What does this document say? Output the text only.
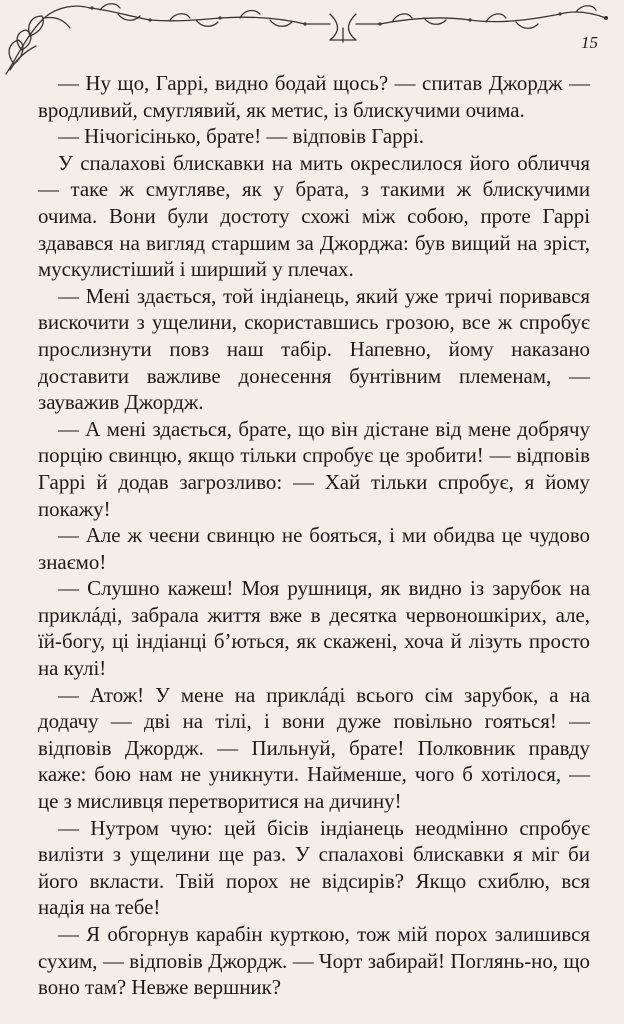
15

— Ну що, Гаррі, видно бодай щось? — спитав Джордж — вродливий, смуглявий, як метис, із блискучими очима.

— Нічогісінько, брате! — відповів Гаррі.

У спалахові блискавки на мить окреслилося його обличчя — таке ж смугляве, як у брата, з такими ж блискучими очима. Вони були достоту схожі між собою, проте Гаррі здавався на вигляд старшим за Джорджа: був вищий на зріст, мускулистіший і ширший у плечах.

— Мені здається, той індіанець, який уже тричі поривався вискочити з ущелини, скориставшись грозою, все ж спробує прослизнути повз наш табір. Напевно, йому наказано доставити важливе донесення бунтівним племенам, — зауважив Джордж.

— А мені здається, брате, що він дістане від мене добрячу порцію свинцю, якщо тільки спробує це зробити! — відповів Гаррі й додав загрозливо: — Хай тільки спробує, я йому покажу!

— Але ж чеєни свинцю не бояться, і ми обидва це чудово знаємо!

— Слушно кажеш! Моя рушниця, як видно із зарубок на приклáді, забрала життя вже в десятка червоношкірих, але, їй-богу, ці індіанці б’ються, як скажені, хоча й лізуть просто на кулі!

— Атож! У мене на приклáді всього сім зарубок, а на додачу — дві на тілі, і вони дуже повільно гояться! — відповів Джордж. — Пильнуй, брате! Полковник правду каже: бою нам не уникнути. Найменше, чого б хотілося, — це з мисливця перетворитися на дичину!

— Нутром чую: цей бісів індіанець неодмінно спробує вилізти з ущелини ще раз. У спалахові блискавки я міг би його вкласти. Твій порох не відсирів? Якщо схиблю, вся надія на тебе!

— Я обгорнув карабін курткою, тож мій порох залишився сухим, — відповів Джордж. — Чорт забирай! Поглянь-но, що воно там? Невже вершник?
